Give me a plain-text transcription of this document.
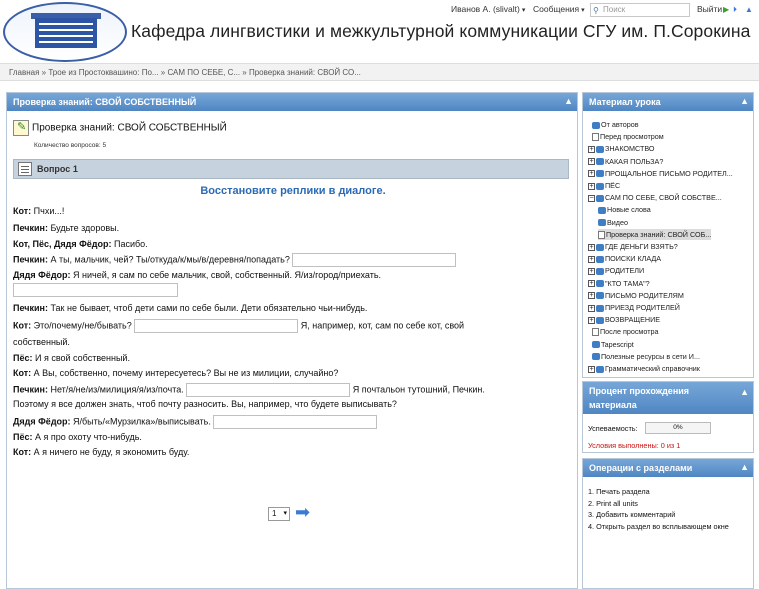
Кафедра лингвистики и межкультурной коммуникации СГУ им. П.Сорокина
Иванов А. (slivalt) ▾	Сообщения ▾	⚲ Поиск	Выйти ▶ ⏵ ▲
Главная » Трое из Простоквашино: По... » САМ ПО СЕБЕ, С... » Проверка знаний: СВОЙ СО...
Проверка знаний: СВОЙ СОБСТВЕННЫЙ	▲
✎Проверка знаний: СВОЙ СОБСТВЕННЫЙ
Количество вопросов: 5
Вопрос 1
Восстановите реплики в диалоге.
Кот: Пчхи...!
Печкин: Будьте здоровы.
Кот, Пёс, Дядя Фёдор: Пасибо.
Печкин: А ты, мальчик, чей? Ты/откуда/к/мы/в/деревня/попадать?
Дядя Фёдор: Я ничей, я сам по себе мальчик, свой, собственный. Я/из/город/приехать.
Печкин: Так не бывает, чтоб дети сами по себе были. Дети обязательно чьи-нибудь.
Кот: Это/почему/не/бывать?	Я, например, кот, сам по себе кот, свой
собственный.
Пёс: И я свой собственный.
Кот: А Вы, собственно, почему интересуетесь? Вы не из милиции, случайно?
Печкин: Нет/я/не/из/милиция/я/из/почта.	Я почтальон тутошний, Печкин.
Поэтому я все должен знать, чтоб почту разносить. Вы, например, что будете выписывать?
Дядя Фёдор: Я/быть/«Мурзилка»/выписывать.
Пёс: А я про охоту что-нибудь.
Кот: А я ничего не буду, я экономить буду.
1 ▾	➡
Материал урока	▲
От авторов
Перед просмотром
+ ЗНАКОМСТВО
+ КАКАЯ ПОЛЬЗА?
+ ПРОЩАЛЬНОЕ ПИСЬМО РОДИТЕЛ...
+ ПЁС
− САМ ПО СЕБЕ, СВОЙ СОБСТВЕ...
Новые слова
Видео
Проверка знаний: СВОЙ СОБ...
+ ГДЕ ДЕНЬГИ ВЗЯТЬ?
+ ПОИСКИ КЛАДА
+ РОДИТЕЛИ
+ "КТО ТАМА"?
+ ПИСЬМО РОДИТЕЛЯМ
+ ПРИЕЗД РОДИТЕЛЕЙ
+ ВОЗВРАЩЕНИЕ
После просмотра
Tapescript
Полезные ресурсы в сети И...
+ Грамматический справочник
Процент прохождения материала
▲
Успеваемость:	0%
Условия выполнены: 0 из 1
Операции с разделами	▲
1. Печать раздела
2. Print all units
3. Добавить комментарий
4. Открыть раздел во всплывающем окне
